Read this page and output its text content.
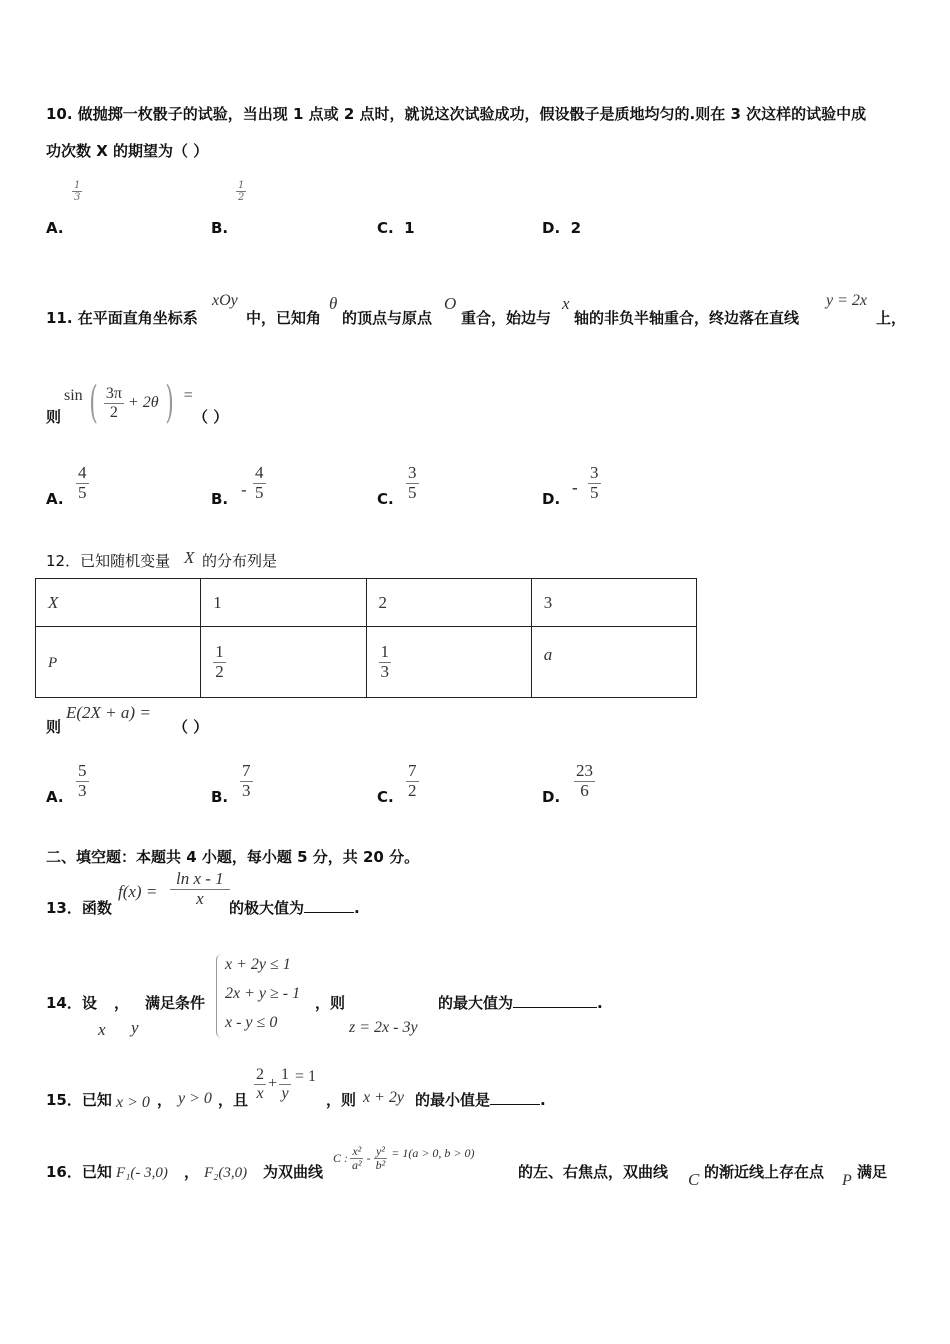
10. 做抛掷一枚骰子的试验，当出现 1 点或 2 点时，就说这次试验成功，假设骰子是质地均匀的.则在 3 次这样的试验中成
功次数 X 的期望为（ ）
$\frac{1}{3}$
A.
$\frac{1}{2}$
B.	C. 1	D. 2
11. 在平面直角坐标系
xOy
中，已知角
θ
的顶点与原点
O
重合，始边与
x
轴的非负半轴重合，终边落在直线
y = 2x
上，
则
sin ( $\frac{3\pi}{2} + 2\theta$ ) =
（ ）
A. $\frac{4}{5}$	B. - $\frac{4}{5}$	C. $\frac{3}{5}$	D.
- $\frac{3}{5}$
12．已知随机变量 X 的分布列是
X	1	2	3
P	$\frac{1}{2}$	$\frac{1}{3}$	a
则
E(2X + a) =
（ ）
A. $\frac{5}{3}$	B. $\frac{7}{3}$	C. $\frac{7}{2}$	D. $\frac{23}{6}$
二、填空题：本题共 4 小题，每小题 5 分，共 20 分。
13．函数
$f(x) = \frac{\text{ln x - 1}}{x}$ 的极大值为	.
14．设 ， 满足条件
x y
x + 2y ≤ 1
2x + y ≥ - 1
x - y ≤ 0
，则
z = 2x - 3y
的最大值为	.
15．已知 x > 0 ， y > 0 ，且 $\frac{2}{x} + \frac{1}{y} = 1$
，则 x + 2y 的最小值是	.
16．已知 F₁(- 3,0) ， F₂(3,0) 为双曲线
C : $\frac{\text{x²}}{\text{a²}} - \frac{\text{y²}}{\text{b²}} = 1(a > 0$, b > 0)
的左、右焦点，双曲线 C 的渐近线上存在点 P 满足
